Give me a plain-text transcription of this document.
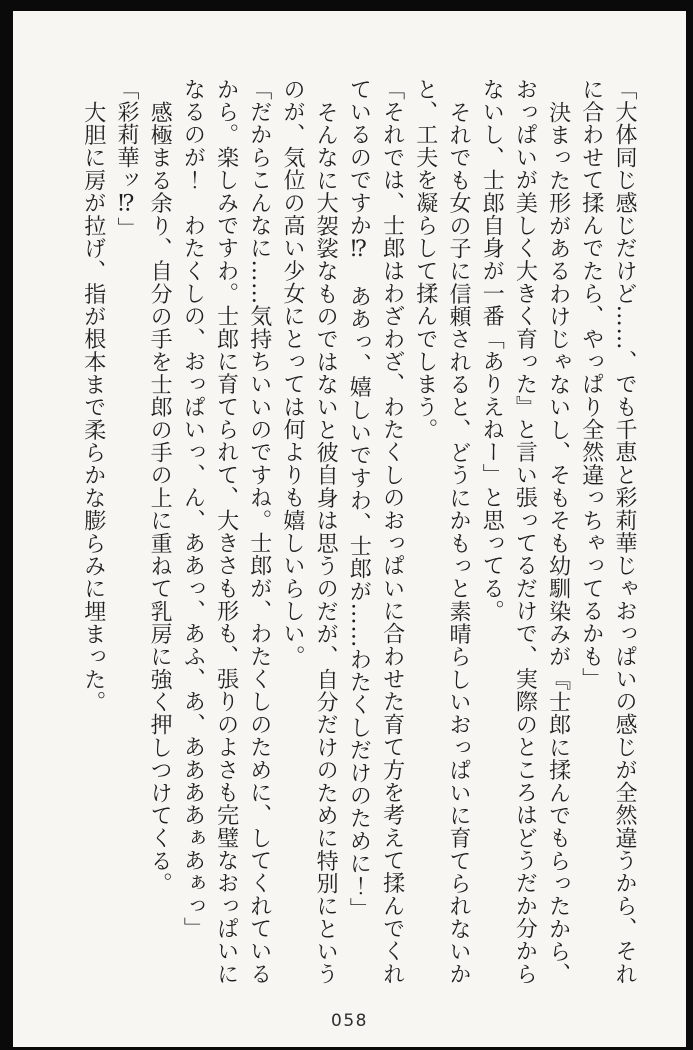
「大体同じ感じだけど……、でも千恵と彩莉華じゃおっぱいの感じが全然違うから、それに合わせて揉んでたら、やっぱり全然違っちゃってるかも」

決まった形があるわけじゃないし、そもそも幼馴染みが『士郎に揉んでもらったから、おっぱいが美しく大きく育った』と言い張ってるだけで、実際のところはどうだか分からないし、士郎自身が一番「ありえねー」と思ってる。

それでも女の子に信頼されると、どうにかもっと素晴らしいおっぱいに育てられないかと、工夫を凝らして揉んでしまう。

「それでは、士郎はわざわざ、わたくしのおっぱいに合わせた育て方を考えて揉んでくれているのですか⁉　ああっ、嬉しいですわ、士郎が……わたくしだけのために！」

そんなに大袈裟なものではないと彼自身は思うのだが、自分だけのために特別にというのが、気位の高い少女にとっては何よりも嬉しいらしい。

「だからこんなに……気持ちいいのですね。士郎が、わたくしのために、してくれているから。楽しみですわ。士郎に育てられて、大きさも形も、張りのよさも完璧なおっぱいになるのが！　わたくしの、おっぱいっ、ん、ああっ、あふ、あ、ああああぁあぁっ」

感極まる余り、自分の手を士郎の手の上に重ねて乳房に強く押しつけてくる。

「彩莉華ッ⁉」

大胆に房が拉げ、指が根本まで柔らかな膨らみに埋まった。

058
